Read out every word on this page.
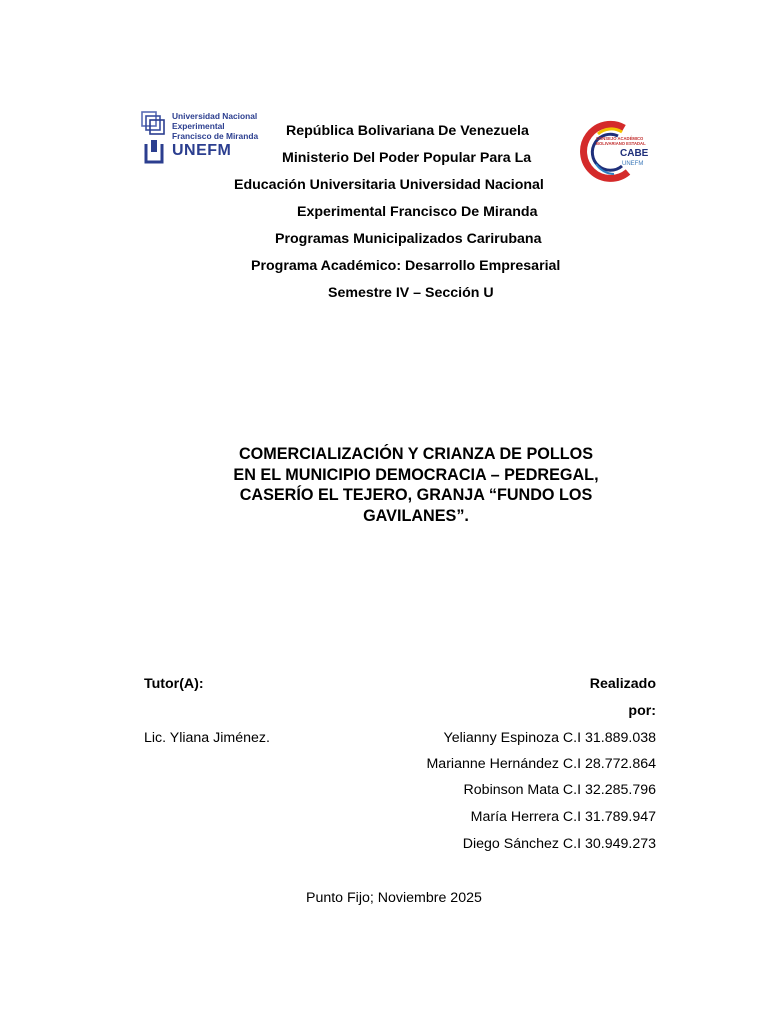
Universidad Nacional
Experimental
Francisco de Miranda
UNEFM
CONSEJO ACADÉMICO
BOLIVARIANO ESTADAL
CABE
UNEFM
República Bolivariana De Venezuela
Ministerio Del Poder Popular Para La
Educación Universitaria Universidad Nacional
Experimental Francisco De Miranda
Programas Municipalizados Carirubana
Programa Académico: Desarrollo Empresarial
Semestre IV – Sección U
COMERCIALIZACIÓN Y CRIANZA DE POLLOS
EN EL MUNICIPIO DEMOCRACIA – PEDREGAL,
CASERÍO EL TEJERO, GRANJA “FUNDO LOS
GAVILANES”.
Tutor(A):
Lic. Yliana Jiménez.
Realizado
por:
Yelianny Espinoza C.I 31.889.038
Marianne Hernández C.I 28.772.864
Robinson Mata C.I 32.285.796
María Herrera C.I 31.789.947
Diego Sánchez C.I 30.949.273
Punto Fijo; Noviembre 2025
